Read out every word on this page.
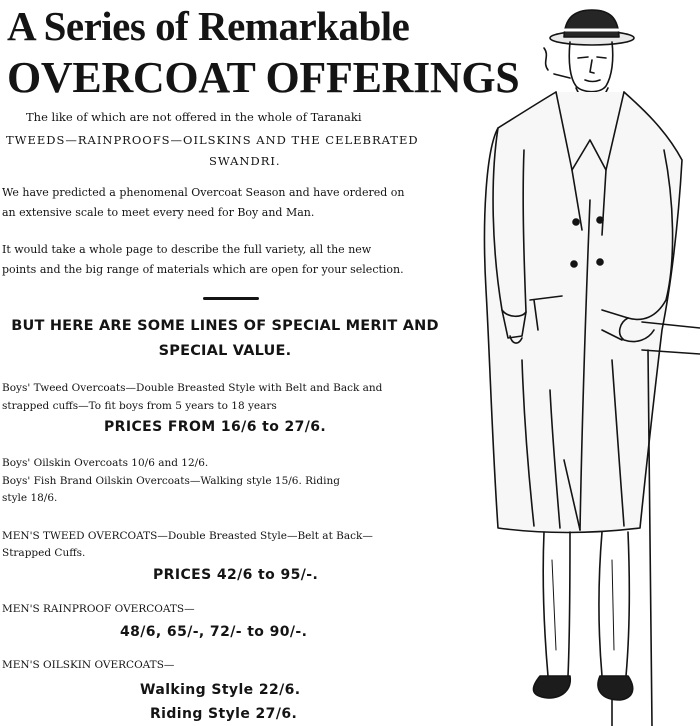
A Series of Remarkable

OVERCOAT OFFERINGS

The like of which are not offered in the whole of Taranaki

TWEEDS—RAINPROOFS—OILSKINS AND THE CELEBRATED

SWANDRI.

We have predicted a phenomenal Overcoat Season and have ordered on

an extensive scale to meet every need for Boy and Man.

It would take a whole page to describe the full variety, all the new

points and the big range of materials which are open for your selection.

BUT HERE ARE SOME LINES OF SPECIAL MERIT AND

SPECIAL VALUE.

Boys' Tweed Overcoats—Double Breasted Style with Belt and Back and

strapped cuffs—To fit boys from 5 years to 18 years

PRICES FROM 16/6 to 27/6.

Boys' Oilskin Overcoats 10/6 and 12/6.

Boys' Fish Brand Oilskin Overcoats—Walking style 15/6. Riding

style 18/6.

MEN'S TWEED OVERCOATS—Double Breasted Style—Belt at Back—

Strapped Cuffs.

PRICES 42/6 to 95/-.

MEN'S RAINPROOF OVERCOATS—

48/6, 65/-, 72/- to 90/-.

MEN'S OILSKIN OVERCOATS—

Walking Style 22/6.

Riding Style 27/6.
